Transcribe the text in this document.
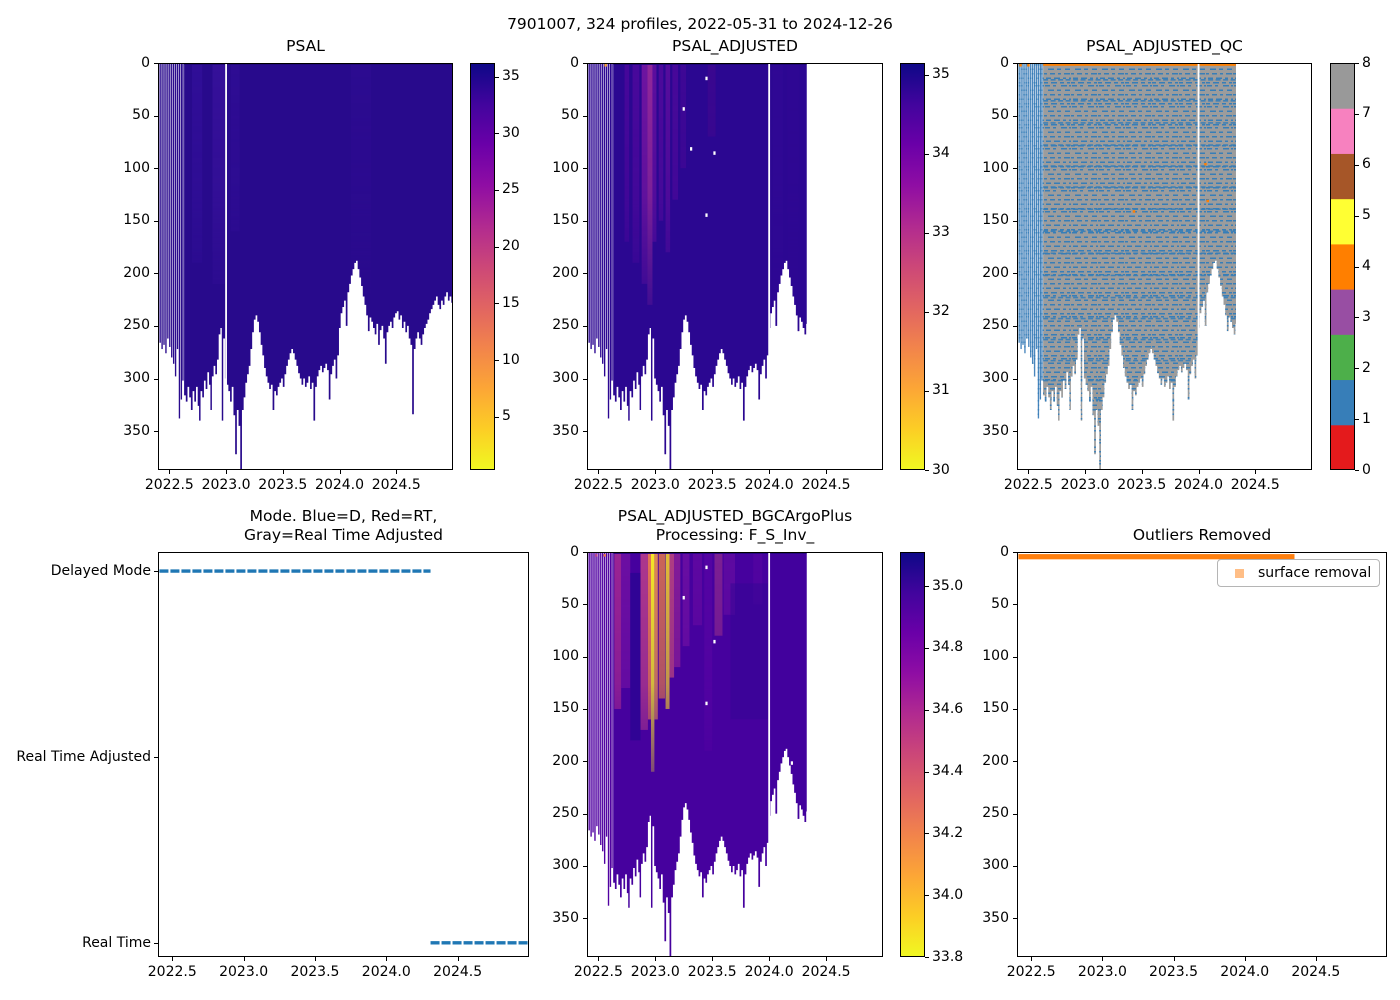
7901007, 324 profiles, 2022-05-31 to 2024-12-26
PSAL	PSAL_ADJUSTED	PSAL_ADJUSTED_QC
Mode. Blue=D, Red=RT,
Gray=Real Time Adjusted
PSAL_ADJUSTED_BGCArgoPlus
Processing: F_S_Inv_	Outliers Removed
Delayed Mode
Real Time Adjusted
Real Time
surface removal
2022.5 2023.0 2023.5 2024.0 2024.5
0
50
100
150
200
250
300
350
5
10
15
20
25
30
35
2022.5 2023.0 2023.5 2024.0 2024.5
0
50
100
150
200
250
300
350
30
31
32
33
34
35
2022.5 2023.0 2023.5 2024.0 2024.5
0
50
100
150
200
250
300
350
0
1
2
3
4
5
6
7
8
2022.5	2023.0	2023.5	2024.0	2024.5	2022.5 2023.0 2023.5 2024.0 2024.5
0
50
100
150
200
250
300
350
33.8
34.0
34.2
34.4
34.6
34.8
35.0
2022.5	2023.0	2023.5	2024.0	2024.5
0
50
100
150
200
250
300
350
